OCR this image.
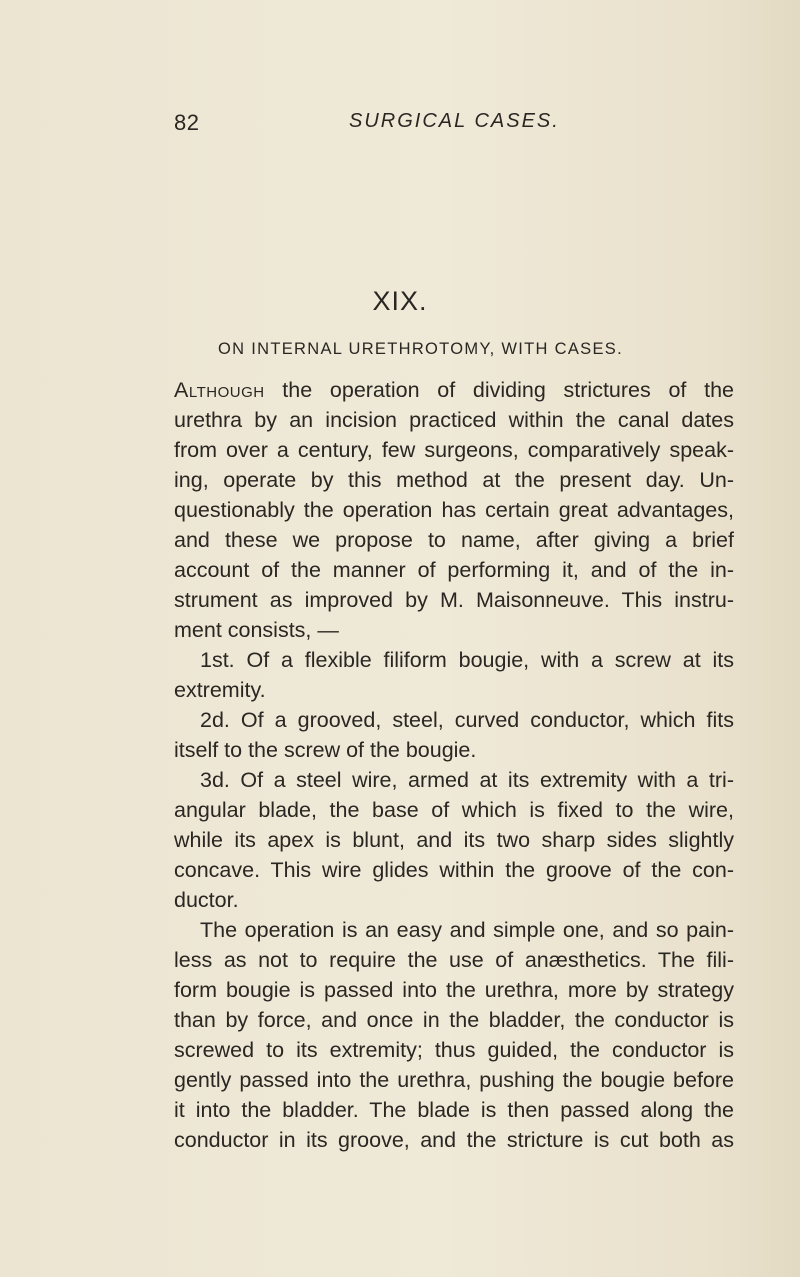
82	SURGICAL CASES.
XIX.
ON INTERNAL URETHROTOMY, WITH CASES.
Although the operation of dividing strictures of the
urethra by an incision practiced within the canal dates
from over a century, few surgeons, comparatively speak-
ing, operate by this method at the present day. Un-
questionably the operation has certain great advantages,
and these we propose to name, after giving a brief
account of the manner of performing it, and of the in-
strument as improved by M. Maisonneuve. This instru-
ment consists, —
1st. Of a flexible filiform bougie, with a screw at its
extremity.
2d. Of a grooved, steel, curved conductor, which fits
itself to the screw of the bougie.
3d. Of a steel wire, armed at its extremity with a tri-
angular blade, the base of which is fixed to the wire,
while its apex is blunt, and its two sharp sides slightly
concave. This wire glides within the groove of the con-
ductor.
The operation is an easy and simple one, and so pain-
less as not to require the use of anæsthetics. The fili-
form bougie is passed into the urethra, more by strategy
than by force, and once in the bladder, the conductor is
screwed to its extremity; thus guided, the conductor is
gently passed into the urethra, pushing the bougie before
it into the bladder. The blade is then passed along the
conductor in its groove, and the stricture is cut both as
